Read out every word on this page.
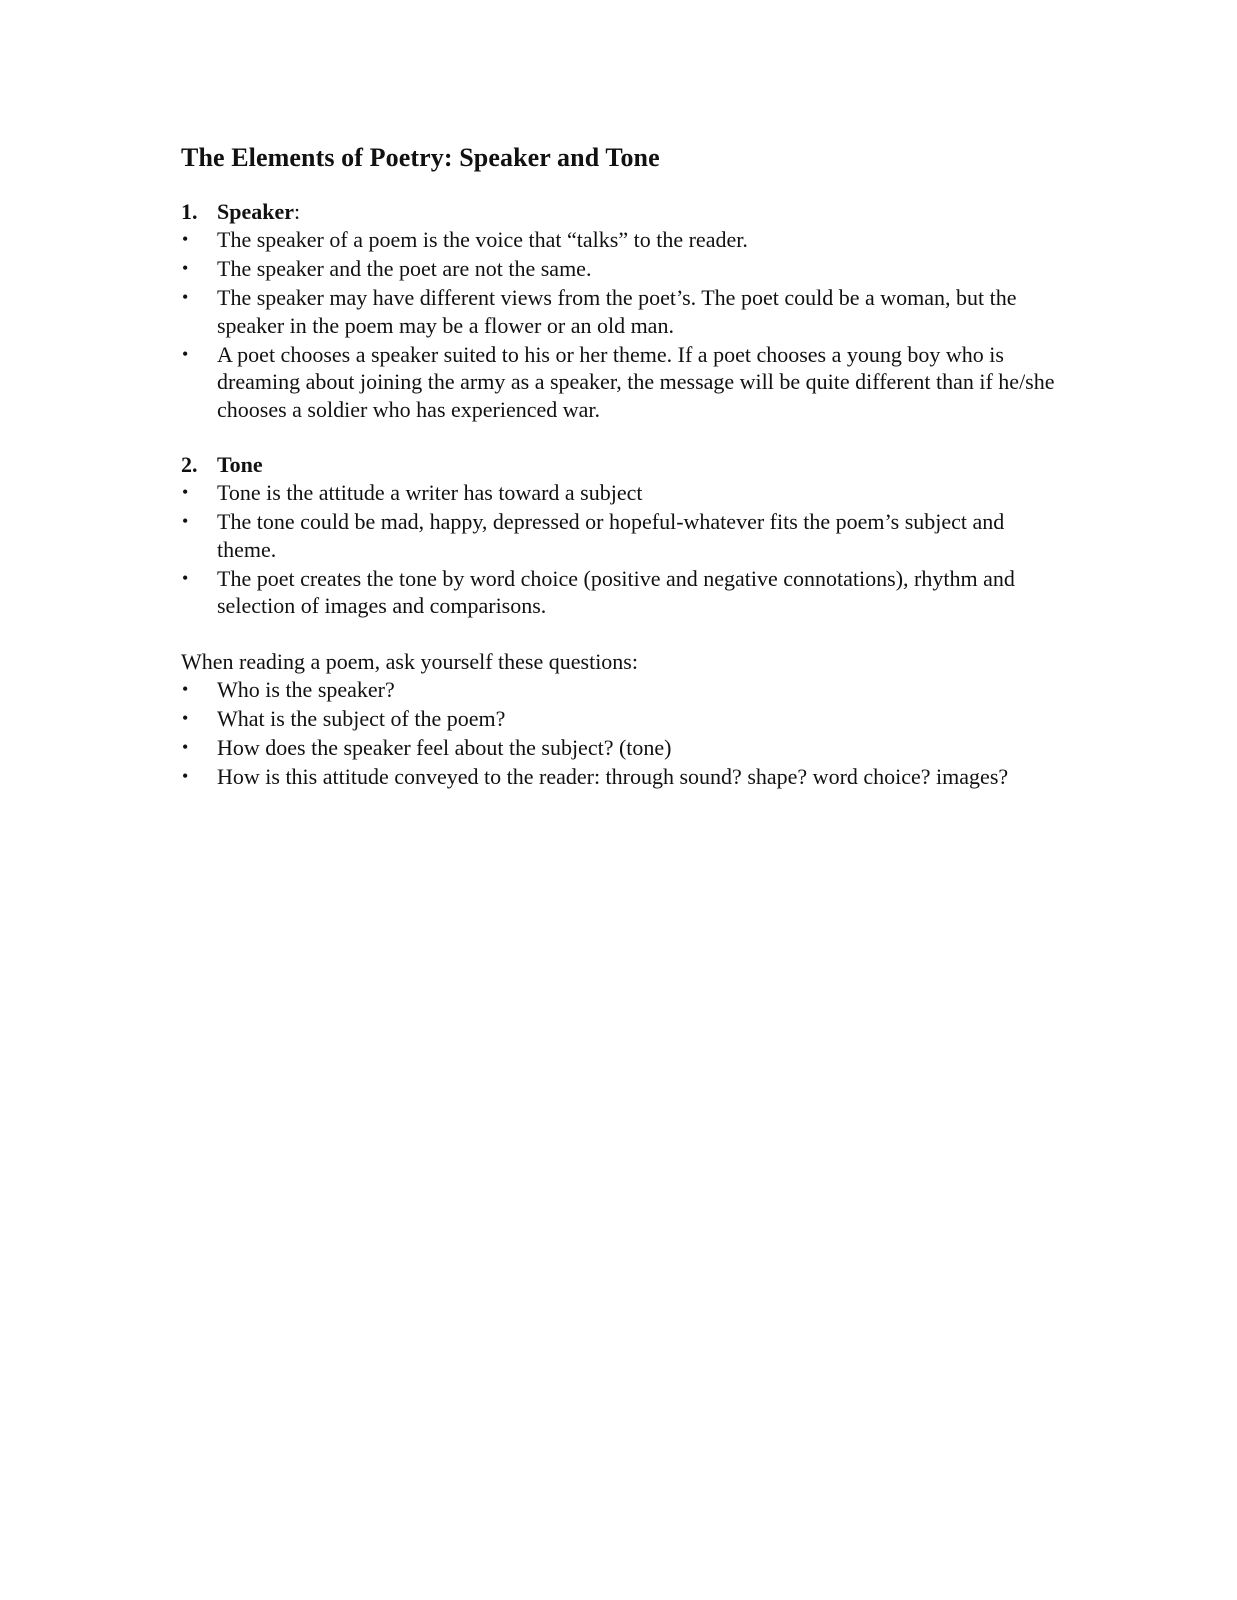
The Elements of Poetry: Speaker and Tone

1. Speaker:

• The speaker of a poem is the voice that “talks” to the reader.
• The speaker and the poet are not the same.
• The speaker may have different views from the poet’s. The poet could be a woman, but the speaker in the poem may be a flower or an old man.
• A poet chooses a speaker suited to his or her theme. If a poet chooses a young boy who is dreaming about joining the army as a speaker, the message will be quite different than if he/she chooses a soldier who has experienced war.

2. Tone

• Tone is the attitude a writer has toward a subject
• The tone could be mad, happy, depressed or hopeful-whatever fits the poem’s subject and theme.
• The poet creates the tone by word choice (positive and negative connotations), rhythm and selection of images and comparisons.

When reading a poem, ask yourself these questions:

• Who is the speaker?
• What is the subject of the poem?
• How does the speaker feel about the subject? (tone)
• How is this attitude conveyed to the reader: through sound? shape? word choice? images?
